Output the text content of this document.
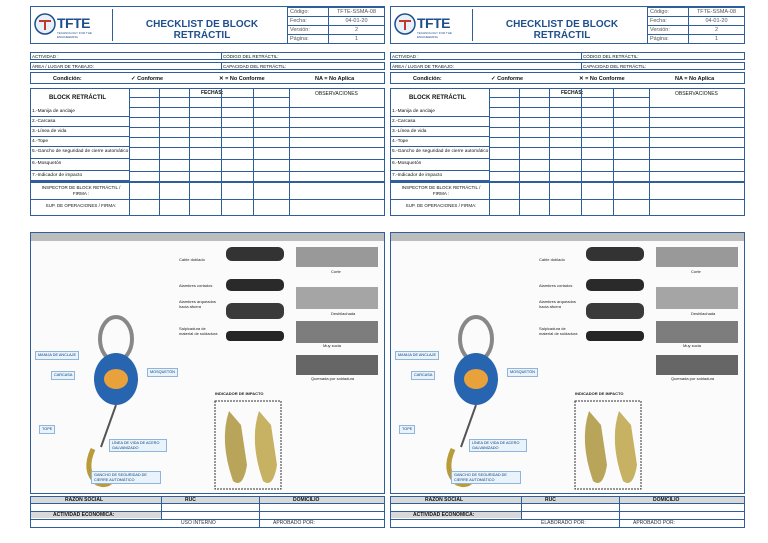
TFTE
TECHNOLOGY FOR THE ENGINEERING
CHECKLIST DE BLOCK RETRÁCTIL
Código:	TFTE-SSMA-08
Fecha:	04-01-20
Versión:	2
Página:	1
ACTIVIDAD :	CÓDIGO DEL RETRÁCTIL:
ÁREA / LUGAR DE TRABAJO:	CAPACIDAD DEL RETRÁCTIL:
Condición:	✓ Conforme	✕ = No Conforme	NA = No Aplica
BLOCK RETRÁCTIL
FECHAS:	OBSERVACIONES
1.-Manija de anclaje
2.-Carcasa
3.-Línea de vida
4.-Tope
5.-Gancho de seguridad de cierre automático
6.-Mosquetón
7.-Indicador de impacto
INSPECTOR DE BLOCK RETRÁCTIL / FIRMA :
SUP. DE OPERACIONES / FIRMA:
Cable doblado
Alambres cortados
Alambres arqueados hacia afuera
Salpicadura de material de soldadura
Corte
Deshilachada
Muy sucia
Quemada por soldadura
INDICADOR DE IMPACTO
MANIJA DE ANCLAJE
CARCASA
MOSQUETÓN
TOPE
LÍNEA DE VIDA DE ACERO GALVANIZADO
GANCHO DE SEGURIDAD DE CIERRE AUTOMÁTICO
RAZON SOCIAL	RUC	DOMICILIO
ACTIVIDAD ECONOMICA:
USO INTERNO	APROBADO POR:
TFTE
TECHNOLOGY FOR THE ENGINEERING
CHECKLIST DE BLOCK RETRÁCTIL
Código:	TFTE-SSMA-08
Fecha:	04-01-20
Versión:	2
Página:	1
ACTIVIDAD :	CÓDIGO DEL RETRÁCTIL:
ÁREA / LUGAR DE TRABAJO:	CAPACIDAD DEL RETRÁCTIL:
Condición:	✓ Conforme	✕ = No Conforme	NA = No Aplica
BLOCK RETRÁCTIL
FECHAS:	OBSERVACIONES
1.-Manija de anclaje
2.-Carcasa
3.-Línea de vida
4.-Tope
5.-Gancho de seguridad de cierre automático
6.-Mosquetón
7.-Indicador de impacto
INSPECTOR DE BLOCK RETRÁCTIL / FIRMA :
SUP. DE OPERACIONES / FIRMA:
Cable doblado
Alambres cortados
Alambres arqueados hacia afuera
Salpicadura de material de soldadura
Corte
Deshilachada
Muy sucia
Quemada por soldadura
INDICADOR DE IMPACTO
MANIJA DE ANCLAJE
CARCASA
MOSQUETÓN
TOPE
LÍNEA DE VIDA DE ACERO GALVANIZADO
GANCHO DE SEGURIDAD DE CIERRE AUTOMÁTICO
RAZON SOCIAL	RUC	DOMICILIO
ACTIVIDAD ECONOMICA:
ELABORADO POR:	APROBADO POR:
